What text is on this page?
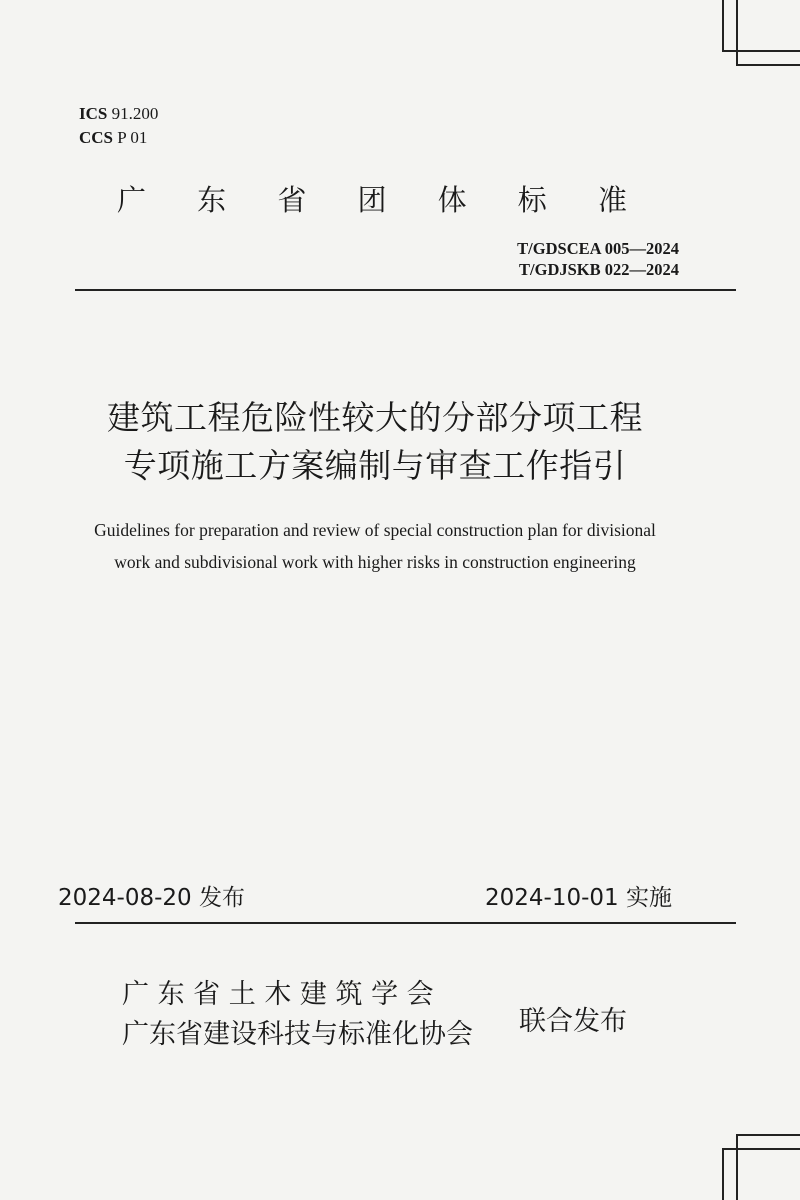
ICS 91.200
CCS P 01
广 东 省 团 体 标 准
T/GDSCEA 005—2024
T/GDJSKB 022—2024
建筑工程危险性较大的分部分项工程
专项施工方案编制与审查工作指引
Guidelines for preparation and review of special construction plan for divisional
work and subdivisional work with higher risks in construction engineering
2024-08-20 发布	2024-10-01 实施
广 东 省 土 木 建 筑 学 会
广东省建设科技与标准化协会 联合发布
